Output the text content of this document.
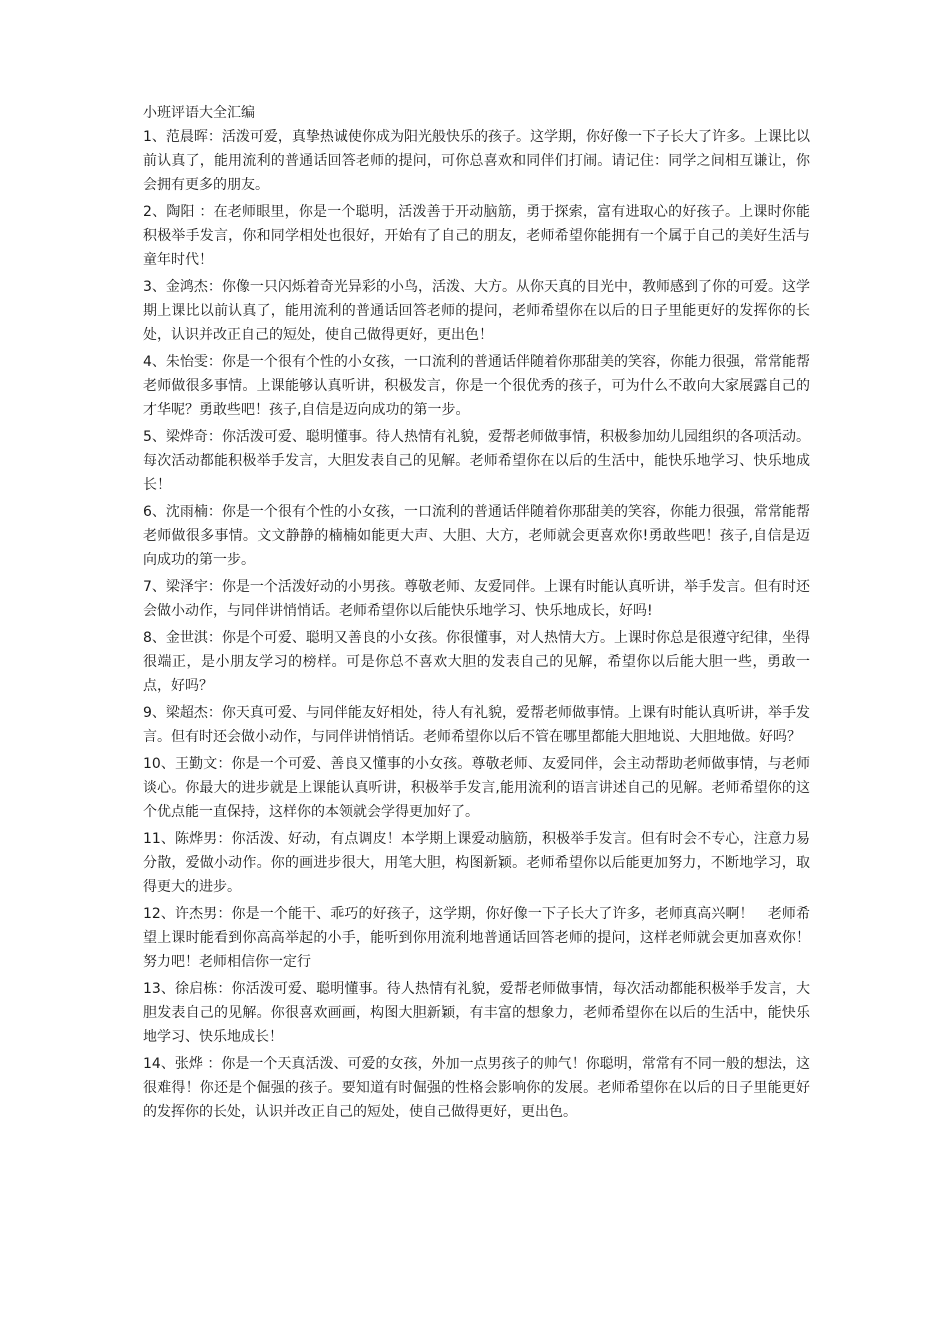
小班评语大全汇编

1、范晨晖：活泼可爱，真挚热诚使你成为阳光般快乐的孩子。这学期，你好像一下子长大了许多。上课比以前认真了，能用流利的普通话回答老师的提问，可你总喜欢和同伴们打闹。请记住：同学之间相互谦让，你会拥有更多的朋友。

2、陶阳 ：在老师眼里，你是一个聪明，活泼善于开动脑筋，勇于探索，富有进取心的好孩子。上课时你能积极举手发言，你和同学相处也很好，开始有了自己的朋友，老师希望你能拥有一个属于自己的美好生活与童年时代！

3、金鸿杰：你像一只闪烁着奇光异彩的小鸟，活泼、大方。从你天真的目光中，教师感到了你的可爱。这学期上课比以前认真了，能用流利的普通话回答老师的提问，老师希望你在以后的日子里能更好的发挥你的长处，认识并改正自己的短处，使自己做得更好，更出色！

4、朱怡雯：你是一个很有个性的小女孩，一口流利的普通话伴随着你那甜美的笑容，你能力很强，常常能帮老师做很多事情。上课能够认真听讲，积极发言，你是一个很优秀的孩子，可为什么不敢向大家展露自己的才华呢？勇敢些吧！孩子,自信是迈向成功的第一步。

5、梁烨奇：你活泼可爱、聪明懂事。待人热情有礼貌，爱帮老师做事情，积极参加幼儿园组织的各项活动。每次活动都能积极举手发言，大胆发表自己的见解。老师希望你在以后的生活中，能快乐地学习、快乐地成长！

6、沈雨楠：你是一个很有个性的小女孩，一口流利的普通话伴随着你那甜美的笑容，你能力很强，常常能帮老师做很多事情。文文静静的楠楠如能更大声、大胆、大方，老师就会更喜欢你!勇敢些吧！孩子,自信是迈向成功的第一步。

7、梁泽宇：你是一个活泼好动的小男孩。尊敬老师、友爱同伴。上课有时能认真听讲，举手发言。但有时还会做小动作，与同伴讲悄悄话。老师希望你以后能快乐地学习、快乐地成长，好吗!

8、金世淇：你是个可爱、聪明又善良的小女孩。你很懂事，对人热情大方。上课时你总是很遵守纪律，坐得很端正，是小朋友学习的榜样。可是你总不喜欢大胆的发表自己的见解，希望你以后能大胆一些，勇敢一点，好吗？

9、梁超杰：你天真可爱、与同伴能友好相处，待人有礼貌，爱帮老师做事情。上课有时能认真听讲，举手发言。但有时还会做小动作，与同伴讲悄悄话。老师希望你以后不管在哪里都能大胆地说、大胆地做。好吗？

10、王勤文：你是一个可爱、善良又懂事的小女孩。尊敬老师、友爱同伴，会主动帮助老师做事情，与老师谈心。你最大的进步就是上课能认真听讲，积极举手发言,能用流利的语言讲述自己的见解。老师希望你的这个优点能一直保持，这样你的本领就会学得更加好了。

11、陈烨男：你活泼、好动，有点调皮！本学期上课爱动脑筋，积极举手发言。但有时会不专心，注意力易分散，爱做小动作。你的画进步很大，用笔大胆，构图新颖。老师希望你以后能更加努力，不断地学习，取得更大的进步。

12、许杰男：你是一个能干、乖巧的好孩子，这学期，你好像一下子长大了许多，老师真高兴啊！　老师希望上课时能看到你高高举起的小手，能听到你用流利地普通话回答老师的提问，这样老师就会更加喜欢你！努力吧！老师相信你一定行

13、徐启栋：你活泼可爱、聪明懂事。待人热情有礼貌，爱帮老师做事情，每次活动都能积极举手发言，大胆发表自己的见解。你很喜欢画画，构图大胆新颖，有丰富的想象力，老师希望你在以后的生活中，能快乐地学习、快乐地成长！

14、张烨 ：你是一个天真活泼、可爱的女孩，外加一点男孩子的帅气！你聪明，常常有不同一般的想法，这很难得！你还是个倔强的孩子。要知道有时倔强的性格会影响你的发展。老师希望你在以后的日子里能更好的发挥你的长处，认识并改正自己的短处，使自己做得更好，更出色。
